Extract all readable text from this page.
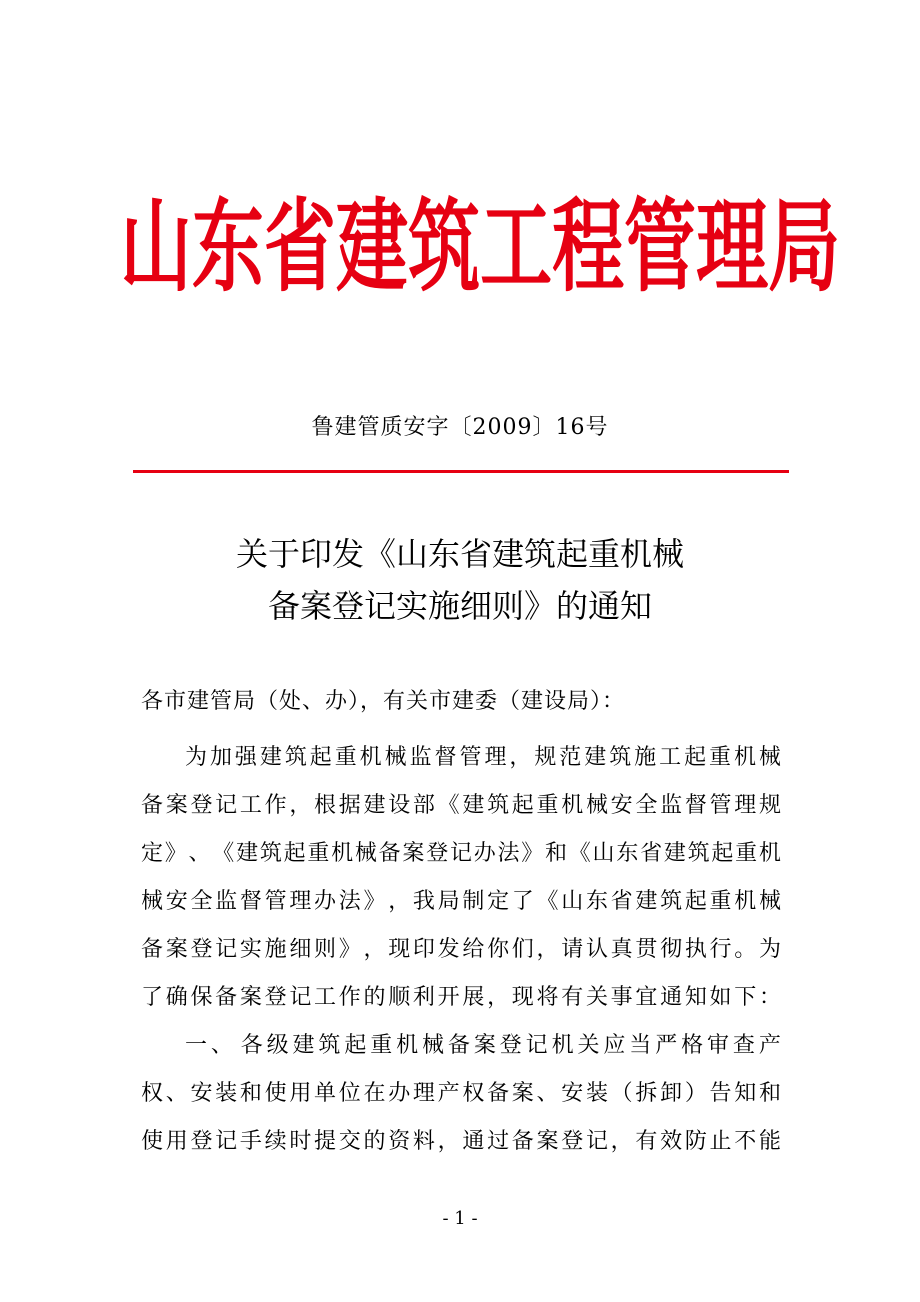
山 东 省 建 筑 工 程 管 理 局
鲁建管质安字〔2009〕16号
关于印发《山东省建筑起重机械
备案登记实施细则》的通知
各市建管局（处、办），有关市建委（建设局）：
为 加 强 建 筑 起 重 机 械 监 督 管 理 ， 规 范 建 筑 施 工 起 重 机 械
备 案 登 记 工 作 ， 根 据 建 设 部 《 建 筑 起 重 机 械 安 全 监 督 管 理 规
定 》 、 《 建 筑 起 重 机 械 备 案 登 记 办 法 》 和 《 山 东 省 建 筑 起 重 机
械 安 全 监 督 管 理 办 法 》 ， 我 局 制 定 了 《 山 东 省 建 筑 起 重 机 械
备 案 登 记 实 施 细 则 》 ， 现 印 发 给 你 们 ， 请 认 真 贯 彻 执 行 。 为
了 确 保 备 案 登 记 工 作 的 顺 利 开 展 ， 现 将 有 关 事 宜 通 知 如 下 ：
一 、 各 级 建 筑 起 重 机 械 备 案 登 记 机 关 应 当 严 格 审 查 产
权 、 安 装 和 使 用 单 位 在 办 理 产 权 备 案 、 安 装 （ 拆 卸 ） 告 知 和
使 用 登 记 手 续 时 提 交 的 资 料 ， 通 过 备 案 登 记 ， 有 效 防 止 不 能
- 1 -
